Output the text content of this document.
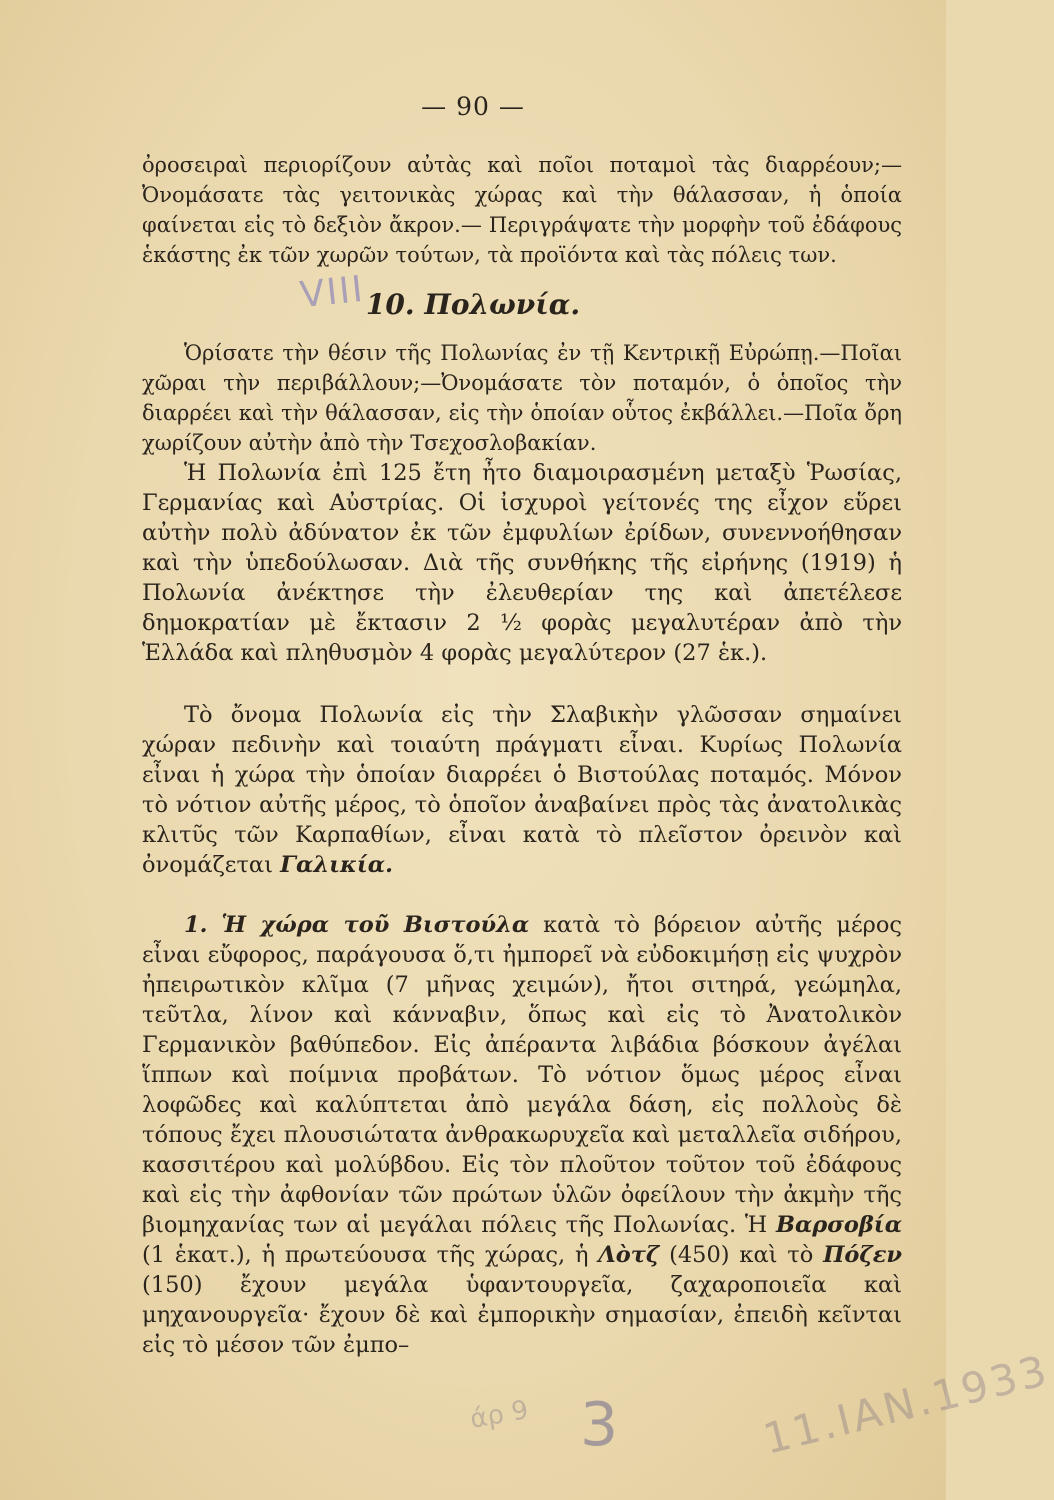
— 90 —

ὀροσειραὶ περιορίζουν αὐτὰς καὶ ποῖοι ποταμοὶ τὰς διαρρέουν;—Ὀνομάσατε τὰς γειτονικὰς χώρας καὶ τὴν θάλασσαν, ἡ ὁποία φαίνεται εἰς τὸ δεξιὸν ἄκρον.— Περιγράψατε τὴν μορφὴν τοῦ ἐδάφους ἑκάστης ἐκ τῶν χωρῶν τούτων, τὰ προϊόντα καὶ τὰς πόλεις των.

VIII 10. Πολωνία.

Ὁρίσατε τὴν θέσιν τῆς Πολωνίας ἐν τῇ Κεντρικῇ Εὐρώπῃ.—Ποῖαι χῶραι τὴν περιβάλλουν;—Ὀνομάσατε τὸν ποταμόν, ὁ ὁποῖος τὴν διαρρέει καὶ τὴν θάλασσαν, εἰς τὴν ὁποίαν οὗτος ἐκβάλλει.—Ποῖα ὄρη χωρίζουν αὐτὴν ἀπὸ τὴν Τσεχοσλοβακίαν.

Ἡ Πολωνία ἐπὶ 125 ἔτη ἦτο διαμοιρασμένη μεταξὺ Ῥωσίας, Γερμανίας καὶ Αὐστρίας. Οἱ ἰσχυροὶ γείτονές της εἶχον εὕρει αὐτὴν πολὺ ἀδύνατον ἐκ τῶν ἐμφυλίων ἐρίδων, συνεννοήθησαν καὶ τὴν ὑπεδούλωσαν. Διὰ τῆς συνθήκης τῆς εἰρήνης (1919) ἡ Πολωνία ἀνέκτησε τὴν ἐλευθερίαν της καὶ ἀπετέλεσε δημοκρατίαν μὲ ἔκτασιν 2 ½ φορὰς μεγαλυτέραν ἀπὸ τὴν Ἑλλάδα καὶ πληθυσμὸν 4 φορὰς μεγαλύτερον (27 ἑκ.).

Τὸ ὄνομα Πολωνία εἰς τὴν Σλαβικὴν γλῶσσαν σημαίνει χώραν πεδινὴν καὶ τοιαύτη πράγματι εἶναι. Κυρίως Πολωνία εἶναι ἡ χώρα τὴν ὁποίαν διαρρέει ὁ Βιστούλας ποταμός. Μόνον τὸ νότιον αὐτῆς μέρος, τὸ ὁποῖον ἀναβαίνει πρὸς τὰς ἀνατολικὰς κλιτῦς τῶν Καρπαθίων, εἶναι κατὰ τὸ πλεῖστον ὀρεινὸν καὶ ὀνομάζεται Γαλικία.

1. Ἡ χώρα τοῦ Βιστούλα κατὰ τὸ βόρειον αὐτῆς μέρος εἶναι εὔφορος, παράγουσα ὅ,τι ἠμπορεῖ νὰ εὐδοκιμήσῃ εἰς ψυχρὸν ἠπειρωτικὸν κλῖμα (7 μῆνας χειμών), ἤτοι σιτηρά, γεώμηλα, τεῦτλα, λίνον καὶ κάνναβιν, ὅπως καὶ εἰς τὸ Ἀνατολικὸν Γερμανικὸν βαθύπεδον. Εἰς ἀπέραντα λιβάδια βόσκουν ἀγέλαι ἵππων καὶ ποίμνια προβάτων. Τὸ νότιον ὅμως μέρος εἶναι λοφῶδες καὶ καλύπτεται ἀπὸ μεγάλα δάση, εἰς πολλοὺς δὲ τόπους ἔχει πλουσιώτατα ἀνθρακωρυχεῖα καὶ μεταλλεῖα σιδήρου, κασσιτέρου καὶ μολύβδου. Εἰς τὸν πλοῦτον τοῦτον τοῦ ἐδάφους καὶ εἰς τὴν ἀφθονίαν τῶν πρώτων ὑλῶν ὀφείλουν τὴν ἀκμὴν τῆς βιομηχανίας των αἱ μεγάλαι πόλεις τῆς Πολωνίας. Ἡ Βαρσοβία (1 ἑκατ.), ἡ πρωτεύουσα τῆς χώρας, ἡ Λὸτζ (450) καὶ τὸ Πόζεν (150) ἔχουν μεγάλα ὑφαντουργεῖα, ζαχαροποιεῖα καὶ μηχανουργεῖα· ἔχουν δὲ καὶ ἐμπορικὴν σημασίαν, ἐπειδὴ κεῖνται εἰς τὸ μέσον τῶν ἐμπο–

άρ 9 3	11.IAN.1933
